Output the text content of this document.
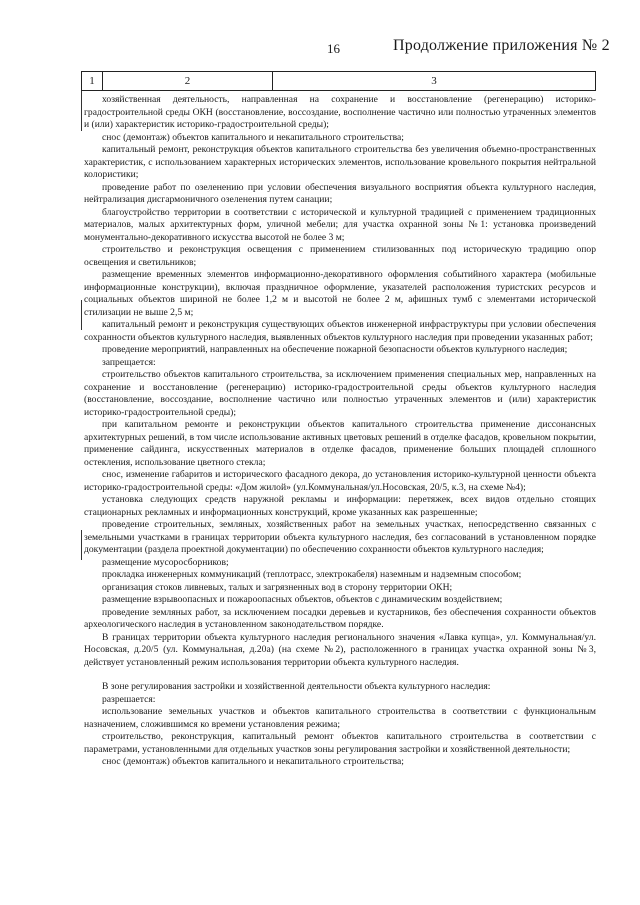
16	Продолжение приложения № 2
1	2	3

хозяйственная деятельность, направленная на сохранение и восстановление (регенерацию) историко-градостроительной среды ОКН (восстановление, воссоздание, восполнение частично или полностью утраченных элементов и (или) характеристик историко-градостроительной среды);

снос (демонтаж) объектов капитального и некапитального строительства;

капитальный ремонт, реконструкция объектов капитального строительства без увеличения объемно-пространственных характеристик, с использованием характерных исторических элементов, использование кровельного покрытия нейтральной колористики;

проведение работ по озеленению при условии обеспечения визуального восприятия объекта культурного наследия, нейтрализация дисгармоничного озеленения путем санации;

благоустройство территории в соответствии с исторической и культурной традицией с применением традиционных материалов, малых архитектурных форм, уличной мебели; для участка охранной зоны №1: установка произведений монументально-декоративного искусства высотой не более 3 м;

строительство и реконструкция освещения с применением стилизованных под историческую традицию опор освещения и светильников;

размещение временных элементов информационно-декоративного оформления событийного характера (мобильные информационные конструкции), включая праздничное оформление, указателей расположения туристских ресурсов и социальных объектов шириной не более 1,2 м и высотой не более 2 м, афишных тумб с элементами исторической стилизации не выше 2,5 м;

капитальный ремонт и реконструкция существующих объектов инженерной инфраструктуры при условии обеспечения сохранности объектов культурного наследия, выявленных объектов культурного наследия при проведении указанных работ;

проведение мероприятий, направленных на обеспечение пожарной безопасности объектов культурного наследия;

запрещается:

строительство объектов капитального строительства, за исключением применения специальных мер, направленных на сохранение и восстановление (регенерацию) историко-градостроительной среды объектов культурного наследия (восстановление, воссоздание, восполнение частично или полностью утраченных элементов и (или) характеристик историко-градостроительной среды);

при капитальном ремонте и реконструкции объектов капитального строительства применение диссонансных архитектурных решений, в том числе использование активных цветовых решений в отделке фасадов, кровельном покрытии, применение сайдинга, искусственных материалов в отделке фасадов, применение больших площадей сплошного остекления, использование цветного стекла;

снос, изменение габаритов и исторического фасадного декора, до установления историко-культурной ценности объекта историко-градостроительной среды: «Дом жилой» (ул.Коммунальная/ул.Носовская, 20/5, к.3, на схеме №4);

установка следующих средств наружной рекламы и информации: перетяжек, всех видов отдельно стоящих стационарных рекламных и информационных конструкций, кроме указанных как разрешенные;

проведение строительных, земляных, хозяйственных работ на земельных участках, непосредственно связанных с земельными участками в границах территории объекта культурного наследия, без согласований в установленном порядке документации (раздела проектной документации) по обеспечению сохранности объектов культурного наследия;

размещение мусоросборников;

прокладка инженерных коммуникаций (теплотрасс, электрокабеля) наземным и надземным способом;

организация стоков ливневых, талых и загрязненных вод в сторону территории ОКН;

размещение взрывоопасных и пожароопасных объектов, объектов с динамическим воздействием;

проведение земляных работ, за исключением посадки деревьев и кустарников, без обеспечения сохранности объектов археологического наследия в установленном законодательством порядке.

В границах территории объекта культурного наследия регионального значения «Лавка купца», ул. Коммунальная/ул. Носовская, д.20/5 (ул. Коммунальная, д.20а) (на схеме №2), расположенного в границах участка охранной зоны №3, действует установленный режим использования территории объекта культурного наследия.

В зоне регулирования застройки и хозяйственной деятельности объекта культурного наследия:

разрешается:

использование земельных участков и объектов капитального строительства в соответствии с функциональным назначением, сложившимся ко времени установления режима;

строительство, реконструкция, капитальный ремонт объектов капитального строительства в соответствии с параметрами, установленными для отдельных участков зоны регулирования застройки и хозяйственной деятельности;

снос (демонтаж) объектов капитального и некапитального строительства;
